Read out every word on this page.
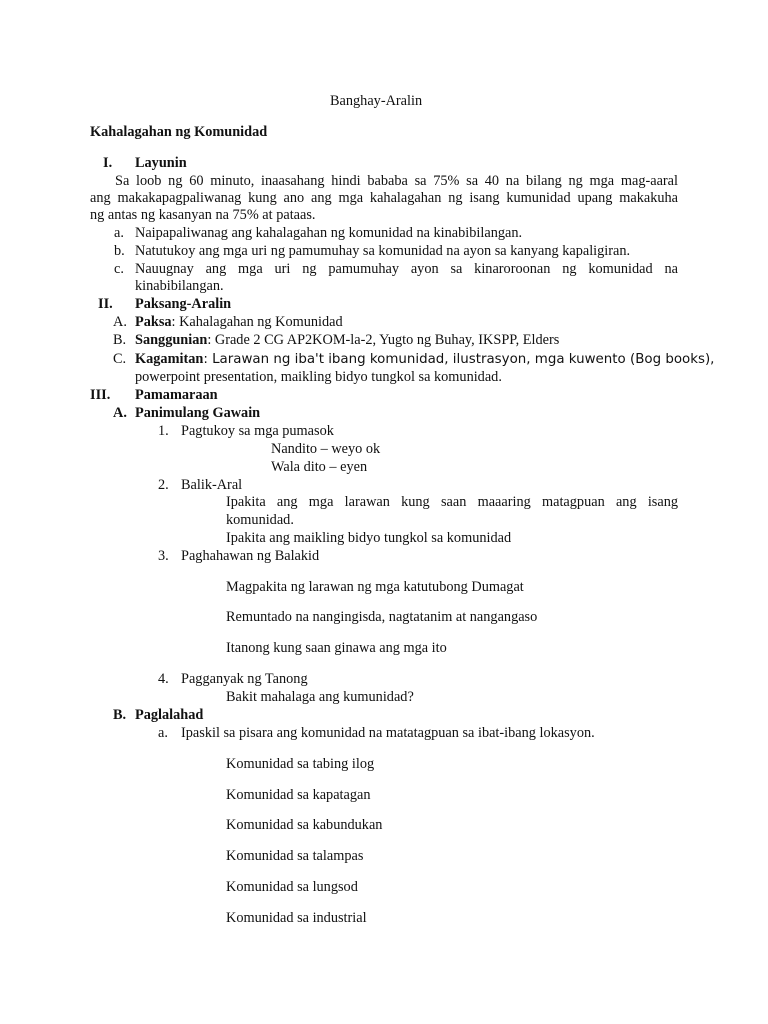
Banghay-Aralin
Kahalagahan ng Komunidad
I. Layunin
Sa loob ng 60 minuto, inaasahang hindi bababa sa 75% sa 40 na bilang ng mga mag-aaral
ang makakapagpaliwanag kung ano ang mga kahalagahan ng isang kumunidad upang makakuha
ng antas ng kasanyan na 75% at pataas.
a. Naipapaliwanag ang kahalagahan ng komunidad na kinabibilangan.
b. Natutukoy ang mga uri ng pamumuhay sa komunidad na ayon sa kanyang kapaligiran.
c. Nauugnay ang mga uri ng pamumuhay ayon sa kinaroroonan ng komunidad na
kinabibilangan.
II. Paksang-Aralin
A. Paksa: Kahalagahan ng Komunidad
B. Sanggunian: Grade 2 CG AP2KOM-la-2, Yugto ng Buhay, IKSPP, Elders
C. Kagamitan: Larawan ng iba't ibang komunidad, ilustrasyon, mga kuwento (Bog books),
powerpoint presentation, maikling bidyo tungkol sa komunidad.
III. Pamamaraan
A. Panimulang Gawain
1. Pagtukoy sa mga pumasok
Nandito – weyo ok
Wala dito – eyen
2. Balik-Aral
Ipakita ang mga larawan kung saan maaaring matagpuan ang isang
komunidad.
Ipakita ang maikling bidyo tungkol sa komunidad
3. Paghahawan ng Balakid
Magpakita ng larawan ng mga katutubong Dumagat
Remuntado na nangingisda, nagtatanim at nangangaso
Itanong kung saan ginawa ang mga ito
4. Pagganyak ng Tanong
Bakit mahalaga ang kumunidad?
B. Paglalahad
a. Ipaskil sa pisara ang komunidad na matatagpuan sa ibat-ibang lokasyon.
Komunidad sa tabing ilog
Komunidad sa kapatagan
Komunidad sa kabundukan
Komunidad sa talampas
Komunidad sa lungsod
Komunidad sa industrial
